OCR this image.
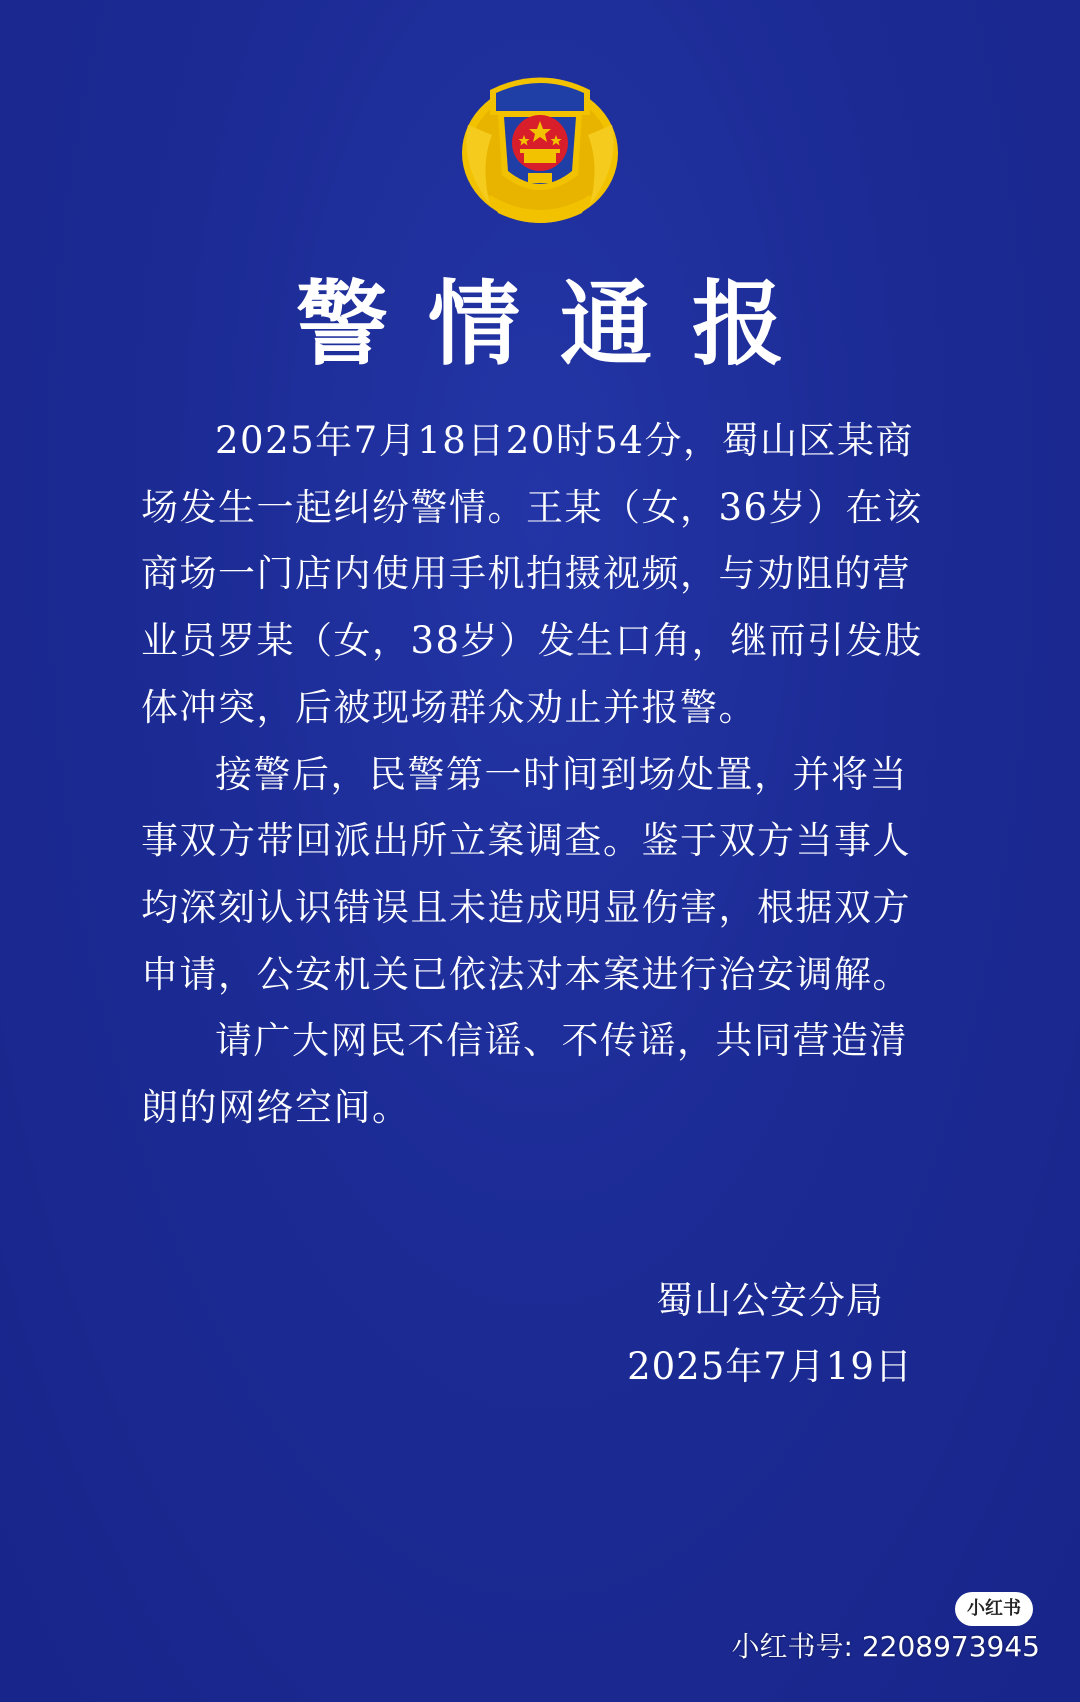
警情通报

2025年7月18日20时54分，蜀山区某商场发生一起纠纷警情。王某（女，36岁）在该商场一门店内使用手机拍摄视频，与劝阻的营业员罗某（女，38岁）发生口角，继而引发肢体冲突，后被现场群众劝止并报警。

接警后，民警第一时间到场处置，并将当事双方带回派出所立案调查。鉴于双方当事人均深刻认识错误且未造成明显伤害，根据双方申请，公安机关已依法对本案进行治安调解。

请广大网民不信谣、不传谣，共同营造清朗的网络空间。

蜀山公安分局
2025年7月19日
小红书
小红书号: 2208973945
